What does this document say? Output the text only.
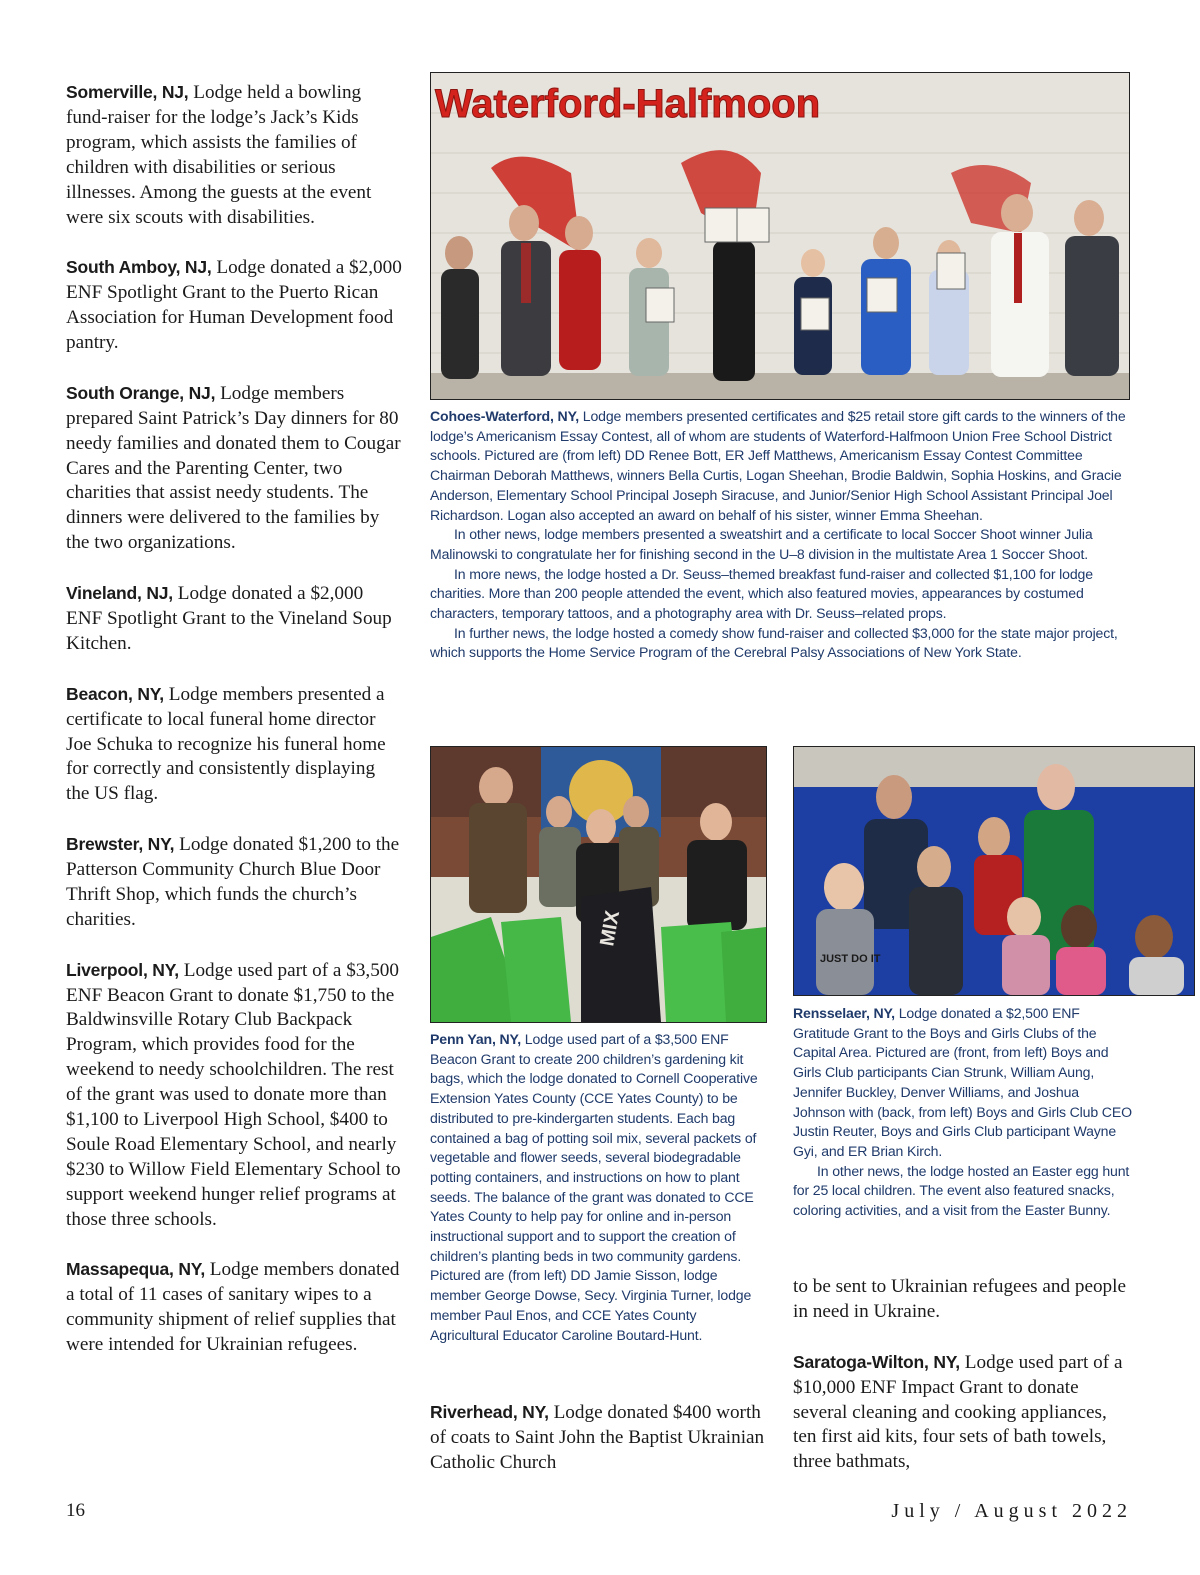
Somerville, NJ, Lodge held a bowling fund-raiser for the lodge’s Jack’s Kids program, which assists the families of children with disabilities or serious illnesses. Among the guests at the event were six scouts with disabilities.

South Amboy, NJ, Lodge donated a $2,000 ENF Spotlight Grant to the Puerto Rican Association for Human Development food pantry.

South Orange, NJ, Lodge members prepared Saint Patrick’s Day dinners for 80 needy families and donated them to Cougar Cares and the Parenting Center, two charities that assist needy students. The dinners were delivered to the families by the two organizations.

Vineland, NJ, Lodge donated a $2,000 ENF Spotlight Grant to the Vineland Soup Kitchen.

Beacon, NY, Lodge members presented a certificate to local funeral home director Joe Schuka to recognize his funeral home for correctly and consistently displaying the US flag.

Brewster, NY, Lodge donated $1,200 to the Patterson Community Church Blue Door Thrift Shop, which funds the church’s charities.

Liverpool, NY, Lodge used part of a $3,500 ENF Beacon Grant to donate $1,750 to the Baldwinsville Rotary Club Backpack Program, which provides food for the weekend to needy schoolchildren. The rest of the grant was used to donate more than $1,100 to Liverpool High School, $400 to Soule Road Elementary School, and nearly $230 to Willow Field Elementary School to support weekend hunger relief programs at those three schools.

Massapequa, NY, Lodge members donated a total of 11 cases of sanitary wipes to a community shipment of relief supplies that were intended for Ukrainian refugees.

Waterford-Halfmoon

Cohoes-Waterford, NY, Lodge members presented certificates and $25 retail store gift cards to the winners of the lodge’s Americanism Essay Contest, all of whom are students of Waterford-Halfmoon Union Free School District schools. Pictured are (from left) DD Renee Bott, ER Jeff Matthews, Americanism Essay Contest Committee Chairman Deborah Matthews, winners Bella Curtis, Logan Sheehan, Brodie Baldwin, Sophia Hoskins, and Gracie Anderson, Elementary School Principal Joseph Siracuse, and Junior/Senior High School Assistant Principal Joel Richardson. Logan also accepted an award on behalf of his sister, winner Emma Sheehan.

In other news, lodge members presented a sweatshirt and a certificate to local Soccer Shoot winner Julia Malinowski to congratulate her for finishing second in the U–8 division in the multistate Area 1 Soccer Shoot.

In more news, the lodge hosted a Dr. Seuss–themed breakfast fund-raiser and collected $1,100 for lodge charities. More than 200 people attended the event, which also featured movies, appearances by costumed characters, temporary tattoos, and a photography area with Dr. Seuss–related props.

In further news, the lodge hosted a comedy show fund-raiser and collected $3,000 for the state major project, which supports the Home Service Program of the Cerebral Palsy Associations of New York State.

MIX

Penn Yan, NY, Lodge used part of a $3,500 ENF Beacon Grant to create 200 children’s gardening kit bags, which the lodge donated to Cornell Cooperative Extension Yates County (CCE Yates County) to be distributed to pre-kindergarten students. Each bag contained a bag of potting soil mix, several packets of vegetable and flower seeds, several biodegradable potting containers, and instructions on how to plant seeds. The balance of the grant was donated to CCE Yates County to help pay for online and in-person instructional support and to support the creation of children’s planting beds in two community gardens. Pictured are (from left) DD Jamie Sisson, lodge member George Dowse, Secy. Virginia Turner, lodge member Paul Enos, and CCE Yates County Agricultural Educator Caroline Boutard-Hunt.

Riverhead, NY, Lodge donated $400 worth of coats to Saint John the Baptist Ukrainian Catholic Church

JUST DO IT

Rensselaer, NY, Lodge donated a $2,500 ENF Gratitude Grant to the Boys and Girls Clubs of the Capital Area. Pictured are (front, from left) Boys and Girls Club participants Cian Strunk, William Aung, Jennifer Buckley, Denver Williams, and Joshua Johnson with (back, from left) Boys and Girls Club CEO Justin Reuter, Boys and Girls Club participant Wayne Gyi, and ER Brian Kirch.

In other news, the lodge hosted an Easter egg hunt for 25 local children. The event also featured snacks, coloring activities, and a visit from the Easter Bunny.

to be sent to Ukrainian refugees and people in need in Ukraine.

Saratoga-Wilton, NY, Lodge used part of a $10,000 ENF Impact Grant to donate several cleaning and cooking appliances, ten first aid kits, four sets of bath towels, three bathmats,

16	July / August 2022
